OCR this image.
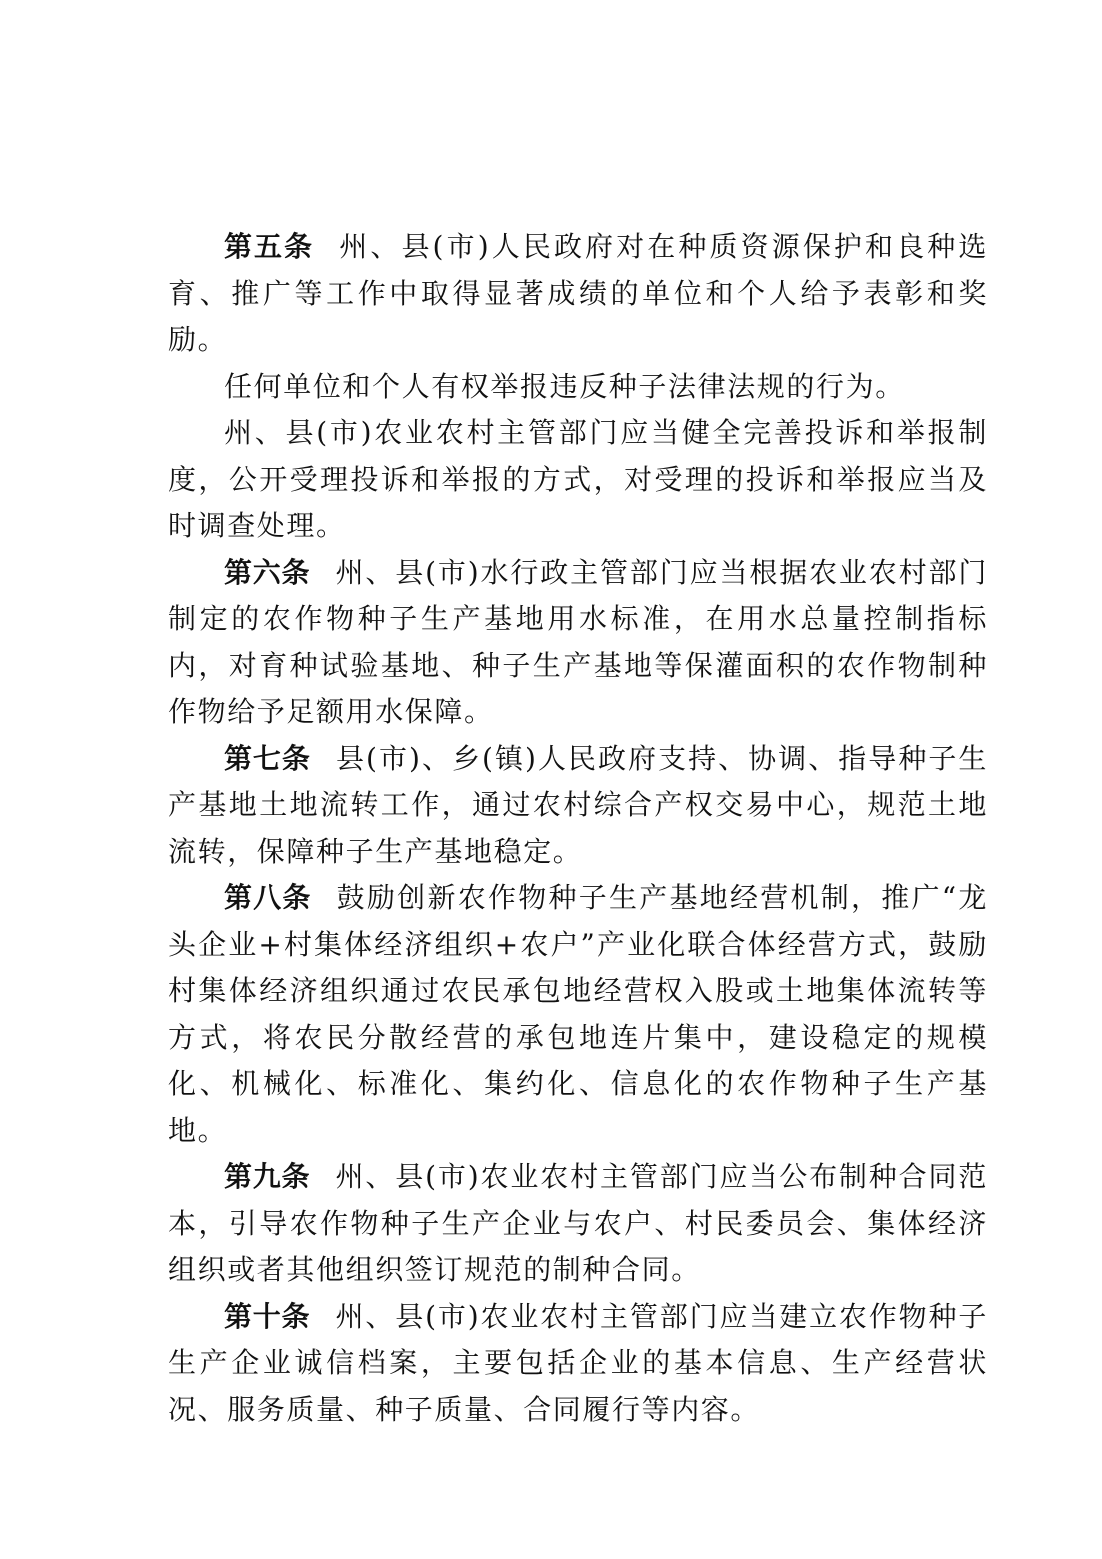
第五条 州、县(市)人民政府对在种质资源保护和良种选育、推广等工作中取得显著成绩的单位和个人给予表彰和奖励。

任何单位和个人有权举报违反种子法律法规的行为。

州、县(市)农业农村主管部门应当健全完善投诉和举报制度，公开受理投诉和举报的方式，对受理的投诉和举报应当及时调查处理。

第六条 州、县(市)水行政主管部门应当根据农业农村部门制定的农作物种子生产基地用水标准，在用水总量控制指标内，对育种试验基地、种子生产基地等保灌面积的农作物制种作物给予足额用水保障。

第七条 县(市)、乡(镇)人民政府支持、协调、指导种子生产基地土地流转工作，通过农村综合产权交易中心，规范土地流转，保障种子生产基地稳定。

第八条 鼓励创新农作物种子生产基地经营机制，推广“龙头企业+村集体经济组织+农户”产业化联合体经营方式，鼓励村集体经济组织通过农民承包地经营权入股或土地集体流转等方式，将农民分散经营的承包地连片集中，建设稳定的规模化、机械化、标准化、集约化、信息化的农作物种子生产基地。

第九条 州、县(市)农业农村主管部门应当公布制种合同范本，引导农作物种子生产企业与农户、村民委员会、集体经济组织或者其他组织签订规范的制种合同。

第十条 州、县(市)农业农村主管部门应当建立农作物种子生产企业诚信档案，主要包括企业的基本信息、生产经营状况、服务质量、种子质量、合同履行等内容。
